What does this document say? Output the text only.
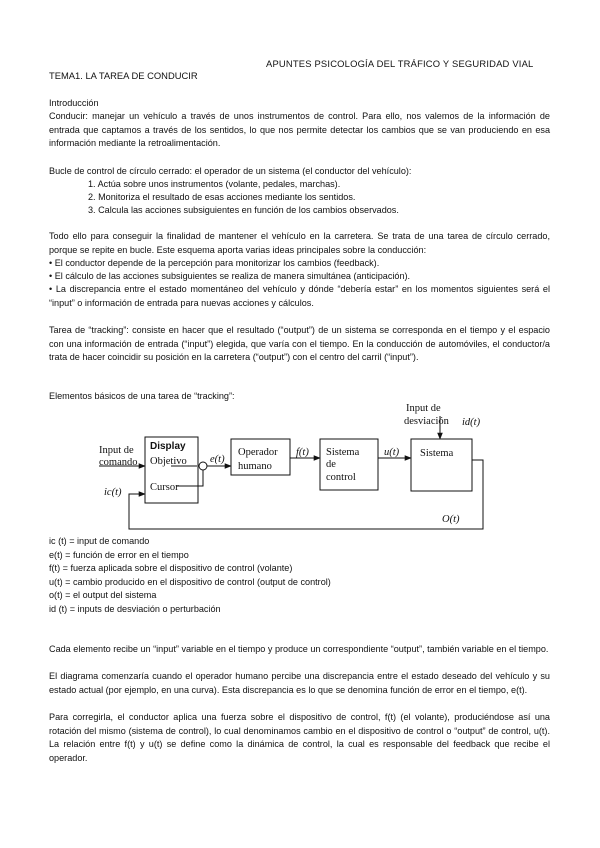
APUNTES PSICOLOGÍA DEL TRÁFICO Y SEGURIDAD VIAL
TEMA1. LA TAREA DE CONDUCIR
Introducción
Conducir: manejar un vehículo a través de unos instrumentos de control. Para ello, nos valemos de la información de entrada que captamos a través de los sentidos, lo que nos permite detectar los cambios que se van produciendo en esa información mediante la retroalimentación.
Bucle de control de círculo cerrado: el operador de un sistema (el conductor del vehículo):
1. Actúa sobre unos instrumentos (volante, pedales, marchas).
2. Monitoriza el resultado de esas acciones mediante los sentidos.
3. Calcula las acciones subsiguientes en función de los cambios observados.
Todo ello para conseguir la finalidad de mantener el vehículo en la carretera. Se trata de una tarea de círculo cerrado, porque se repite en bucle. Este esquema aporta varias ideas principales sobre la conducción:
• El conductor depende de la percepción para monitorizar los cambios (feedback).
• El cálculo de las acciones subsiguientes se realiza de manera simultánea (anticipación).
• La discrepancia entre el estado momentáneo del vehículo y dónde “debería estar” en los momentos siguientes será el “input” o información de entrada para nuevas acciones y cálculos.
Tarea de “tracking”: consiste en hacer que el resultado (“output”) de un sistema se corresponda en el tiempo y el espacio con una información de entrada (“input”) elegida, que varía con el tiempo. En la conducción de automóviles, el conductor/a trata de hacer coincidir su posición en la carretera (“output”) con el centro del carril (“input”).
Elementos básicos de una tarea de “tracking”:
Input de
comando
ic(t)
Display
Objetivo
Cursor
e(t)
Operador
humano
f(t) Sistema
de
control
u(t) Sistema
Input de
desviación id(t)
O(t)
ic (t) = input de comando
e(t) = función de error en el tiempo
f(t) = fuerza aplicada sobre el dispositivo de control (volante)
u(t) = cambio producido en el dispositivo de control (output de control)
o(t) = el output del sistema
id (t) = inputs de desviación o perturbación
Cada elemento recibe un “input” variable en el tiempo y produce un correspondiente “output”, también variable en el tiempo.
El diagrama comenzaría cuando el operador humano percibe una discrepancia entre el estado deseado del vehículo y su estado actual (por ejemplo, en una curva). Esta discrepancia es lo que se denomina función de error en el tiempo, e(t).
Para corregirla, el conductor aplica una fuerza sobre el dispositivo de control, f(t) (el volante), produciéndose así una rotación del mismo (sistema de control), lo cual denominamos cambio en el dispositivo de control o “output” de control, u(t). La relación entre f(t) y u(t) se define como la dinámica de control, la cual es responsable del feedback que recibe el operador.
